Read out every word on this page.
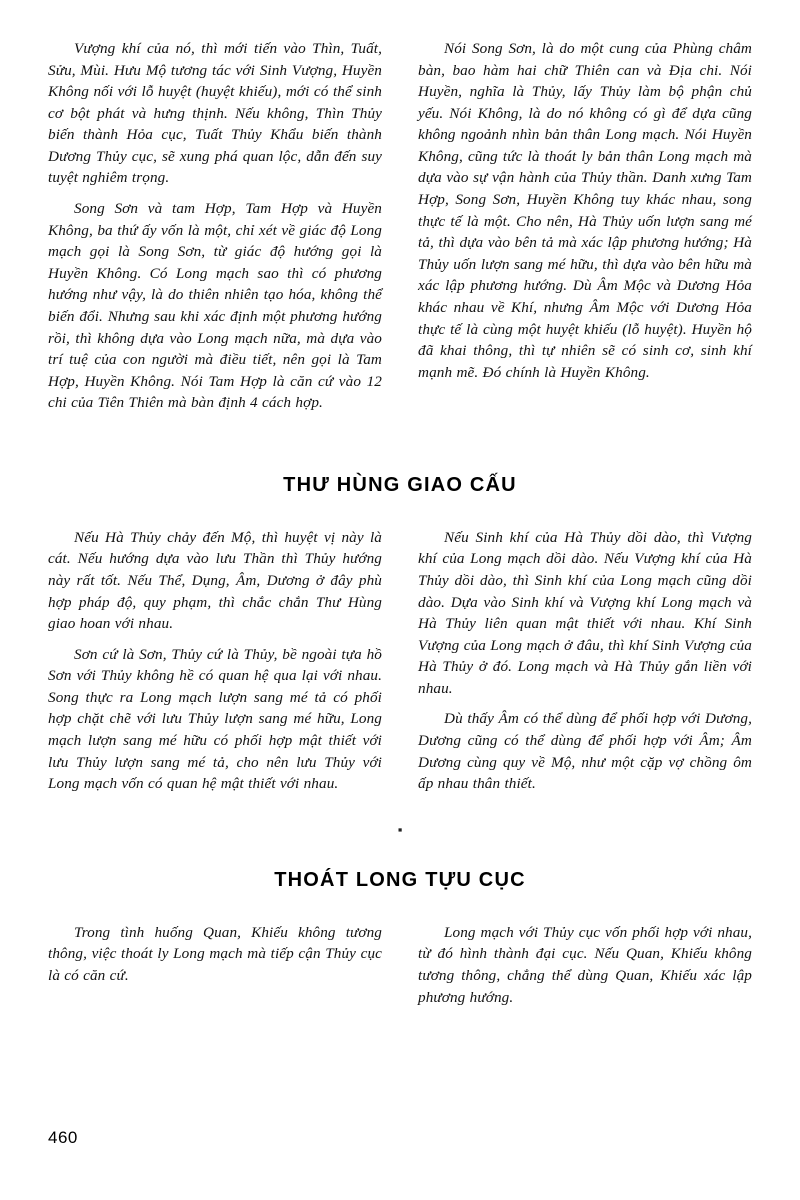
Vượng khí của nó, thì mới tiến vào Thìn, Tuất, Sửu, Mùi. Hưu Mộ tương tác với Sinh Vượng, Huyền Không nối với lỗ huyệt (huyệt khiếu), mới có thể sinh cơ bột phát và hưng thịnh. Nếu không, Thìn Thủy biến thành Hỏa cục, Tuất Thủy Khẩu biến thành Dương Thủy cục, sẽ xung phá quan lộc, dẫn đến suy tuyệt nghiêm trọng.

Song Sơn và tam Hợp, Tam Hợp và Huyền Không, ba thứ ấy vốn là một, chỉ xét về giác độ Long mạch gọi là Song Sơn, từ giác độ hướng gọi là Huyền Không. Có Long mạch sao thì có phương hướng như vậy, là do thiên nhiên tạo hóa, không thể biến đổi. Nhưng sau khi xác định một phương hướng rồi, thì không dựa vào Long mạch nữa, mà dựa vào trí tuệ của con người mà điều tiết, nên gọi là Tam Hợp, Huyền Không. Nói Tam Hợp là căn cứ vào 12 chi của Tiên Thiên mà bàn định 4 cách hợp.

Nói Song Sơn, là do một cung của Phùng châm bàn, bao hàm hai chữ Thiên can và Địa chi. Nói Huyền, nghĩa là Thủy, lấy Thủy làm bộ phận chủ yếu. Nói Không, là do nó không có gì để dựa cũng không ngoảnh nhìn bản thân Long mạch. Nói Huyền Không, cũng tức là thoát ly bản thân Long mạch mà dựa vào sự vận hành của Thủy thần. Danh xưng Tam Hợp, Song Sơn, Huyền Không tuy khác nhau, song thực tế là một. Cho nên, Hà Thủy uốn lượn sang mé tả, thì dựa vào bên tả mà xác lập phương hướng; Hà Thủy uốn lượn sang mé hữu, thì dựa vào bên hữu mà xác lập phương hướng. Dù Âm Mộc và Dương Hỏa khác nhau về Khí, nhưng Âm Mộc với Dương Hỏa thực tế là cùng một huyệt khiếu (lỗ huyệt). Huyền hộ đã khai thông, thì tự nhiên sẽ có sinh cơ, sinh khí mạnh mẽ. Đó chính là Huyền Không.

THƯ HÙNG GIAO CẤU

Nếu Hà Thủy chảy đến Mộ, thì huyệt vị này là cát. Nếu hướng dựa vào lưu Thần thì Thủy hướng này rất tốt. Nếu Thể, Dụng, Âm, Dương ở đây phù hợp pháp độ, quy phạm, thì chắc chắn Thư Hùng giao hoan với nhau.

Sơn cứ là Sơn, Thủy cứ là Thủy, bề ngoài tựa hồ Sơn với Thủy không hề có quan hệ qua lại với nhau. Song thực ra Long mạch lượn sang mé tả có phối hợp chặt chẽ với lưu Thủy lượn sang mé hữu, Long mạch lượn sang mé hữu có phối hợp mật thiết với lưu Thủy lượn sang mé tả, cho nên lưu Thủy với Long mạch vốn có quan hệ mật thiết với nhau.

Nếu Sinh khí của Hà Thủy dồi dào, thì Vượng khí của Long mạch dồi dào. Nếu Vượng khí của Hà Thủy dồi dào, thì Sinh khí của Long mạch cũng dồi dào. Dựa vào Sinh khí và Vượng khí Long mạch và Hà Thủy liên quan mật thiết với nhau. Khí Sinh Vượng của Long mạch ở đâu, thì khí Sinh Vượng của Hà Thủy ở đó. Long mạch và Hà Thủy gắn liền với nhau.

Dù thấy Âm có thể dùng để phối hợp với Dương, Dương cũng có thể dùng để phối hợp với Âm; Âm Dương cùng quy về Mộ, như một cặp vợ chồng ôm ấp nhau thân thiết.

▪
THOÁT LONG TỰU CỤC

Trong tình huống Quan, Khiếu không tương thông, việc thoát ly Long mạch mà tiếp cận Thủy cục là có căn cứ.

Long mạch với Thủy cục vốn phối hợp với nhau, từ đó hình thành đại cục. Nếu Quan, Khiếu không tương thông, chẳng thể dùng Quan, Khiếu xác lập phương hướng.

460
